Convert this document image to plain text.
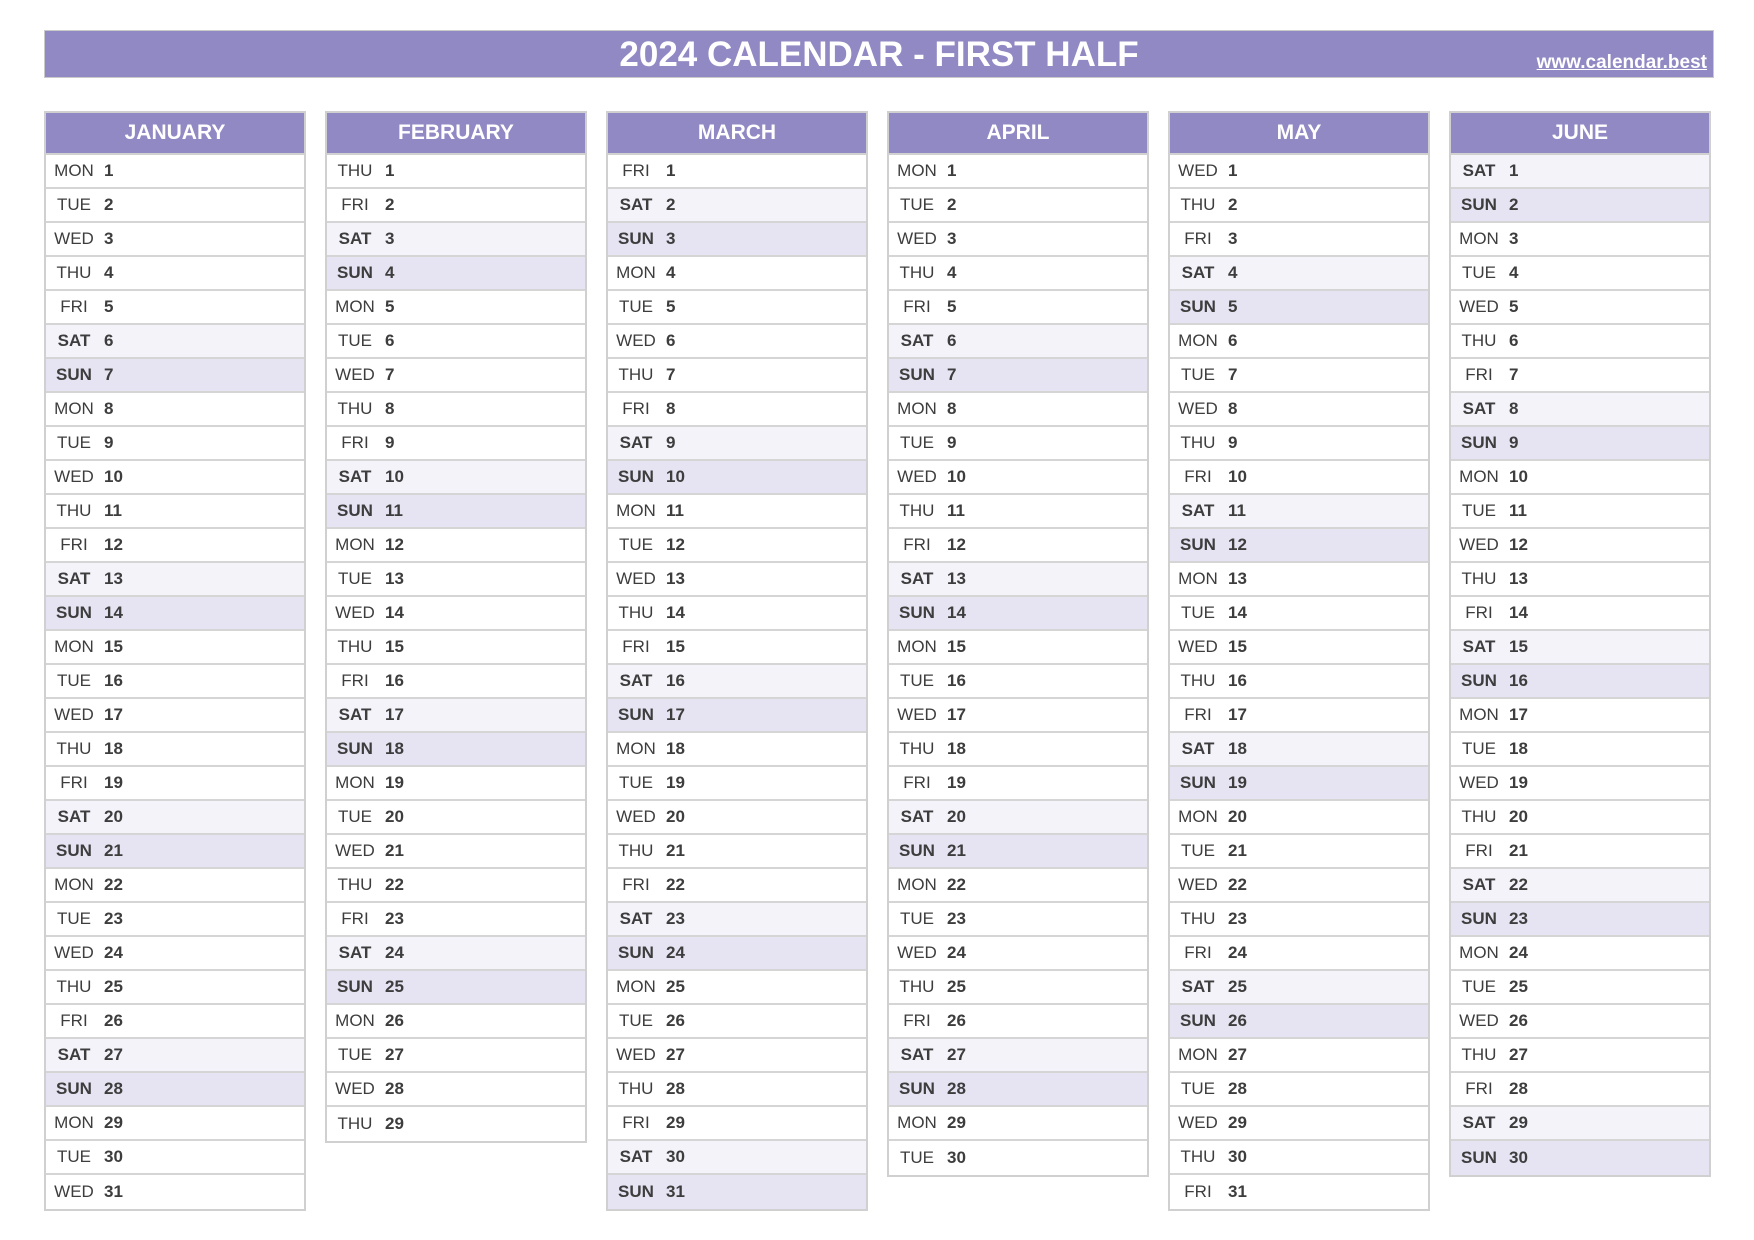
2024 CALENDAR - FIRST HALF	www.calendar.best
JANUARY
MON 1
TUE 2
WED 3
THU 4
FRI 5
SAT 6
SUN 7
MON 8
TUE 9
WED 10
THU 11
FRI 12
SAT 13
SUN 14
MON 15
TUE 16
WED 17
THU 18
FRI 19
SAT 20
SUN 21
MON 22
TUE 23
WED 24
THU 25
FRI 26
SAT 27
SUN 28
MON 29
TUE 30
WED 31
FEBRUARY
THU 1
FRI 2
SAT 3
SUN 4
MON 5
TUE 6
WED 7
THU 8
FRI 9
SAT 10
SUN 11
MON 12
TUE 13
WED 14
THU 15
FRI 16
SAT 17
SUN 18
MON 19
TUE 20
WED 21
THU 22
FRI 23
SAT 24
SUN 25
MON 26
TUE 27
WED 28
THU 29
MARCH
FRI 1
SAT 2
SUN 3
MON 4
TUE 5
WED 6
THU 7
FRI 8
SAT 9
SUN 10
MON 11
TUE 12
WED 13
THU 14
FRI 15
SAT 16
SUN 17
MON 18
TUE 19
WED 20
THU 21
FRI 22
SAT 23
SUN 24
MON 25
TUE 26
WED 27
THU 28
FRI 29
SAT 30
SUN 31
APRIL
MON 1
TUE 2
WED 3
THU 4
FRI 5
SAT 6
SUN 7
MON 8
TUE 9
WED 10
THU 11
FRI 12
SAT 13
SUN 14
MON 15
TUE 16
WED 17
THU 18
FRI 19
SAT 20
SUN 21
MON 22
TUE 23
WED 24
THU 25
FRI 26
SAT 27
SUN 28
MON 29
TUE 30
MAY
WED 1
THU 2
FRI 3
SAT 4
SUN 5
MON 6
TUE 7
WED 8
THU 9
FRI 10
SAT 11
SUN 12
MON 13
TUE 14
WED 15
THU 16
FRI 17
SAT 18
SUN 19
MON 20
TUE 21
WED 22
THU 23
FRI 24
SAT 25
SUN 26
MON 27
TUE 28
WED 29
THU 30
FRI 31
JUNE
SAT 1
SUN 2
MON 3
TUE 4
WED 5
THU 6
FRI 7
SAT 8
SUN 9
MON 10
TUE 11
WED 12
THU 13
FRI 14
SAT 15
SUN 16
MON 17
TUE 18
WED 19
THU 20
FRI 21
SAT 22
SUN 23
MON 24
TUE 25
WED 26
THU 27
FRI 28
SAT 29
SUN 30
